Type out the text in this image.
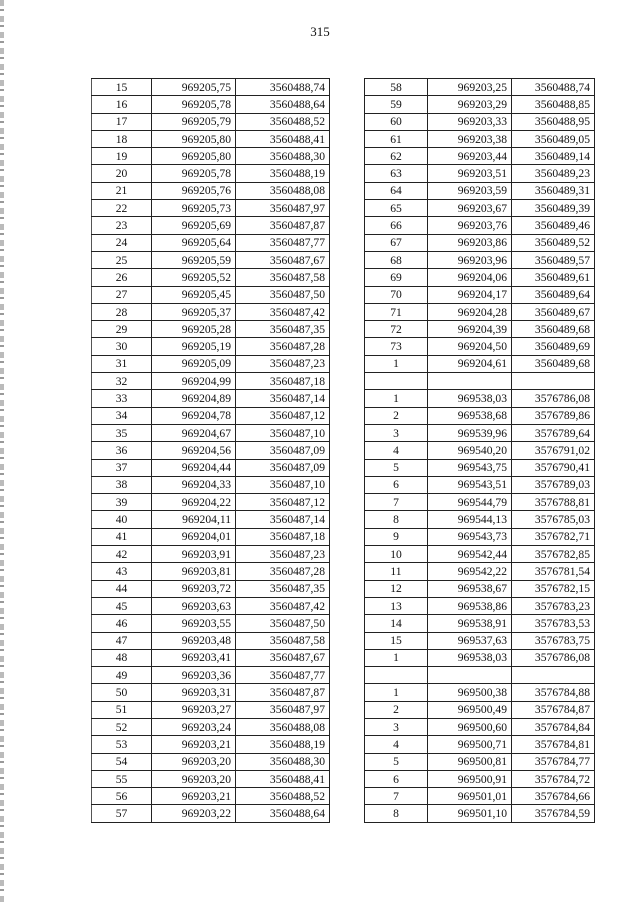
315
15	969205,75	3560488,74
16	969205,78	3560488,64
17	969205,79	3560488,52
18	969205,80	3560488,41
19	969205,80	3560488,30
20	969205,78	3560488,19
21	969205,76	3560488,08
22	969205,73	3560487,97
23	969205,69	3560487,87
24	969205,64	3560487,77
25	969205,59	3560487,67
26	969205,52	3560487,58
27	969205,45	3560487,50
28	969205,37	3560487,42
29	969205,28	3560487,35
30	969205,19	3560487,28
31	969205,09	3560487,23
32	969204,99	3560487,18
33	969204,89	3560487,14
34	969204,78	3560487,12
35	969204,67	3560487,10
36	969204,56	3560487,09
37	969204,44	3560487,09
38	969204,33	3560487,10
39	969204,22	3560487,12
40	969204,11	3560487,14
41	969204,01	3560487,18
42	969203,91	3560487,23
43	969203,81	3560487,28
44	969203,72	3560487,35
45	969203,63	3560487,42
46	969203,55	3560487,50
47	969203,48	3560487,58
48	969203,41	3560487,67
49	969203,36	3560487,77
50	969203,31	3560487,87
51	969203,27	3560487,97
52	969203,24	3560488,08
53	969203,21	3560488,19
54	969203,20	3560488,30
55	969203,20	3560488,41
56	969203,21	3560488,52
57	969203,22	3560488,64
58	969203,25	3560488,74
59	969203,29	3560488,85
60	969203,33	3560488,95
61	969203,38	3560489,05
62	969203,44	3560489,14
63	969203,51	3560489,23
64	969203,59	3560489,31
65	969203,67	3560489,39
66	969203,76	3560489,46
67	969203,86	3560489,52
68	969203,96	3560489,57
69	969204,06	3560489,61
70	969204,17	3560489,64
71	969204,28	3560489,67
72	969204,39	3560489,68
73	969204,50	3560489,69
1	969204,61	3560489,68

1	969538,03	3576786,08
2	969538,68	3576789,86
3	969539,96	3576789,64
4	969540,20	3576791,02
5	969543,75	3576790,41
6	969543,51	3576789,03
7	969544,79	3576788,81
8	969544,13	3576785,03
9	969543,73	3576782,71
10	969542,44	3576782,85
11	969542,22	3576781,54
12	969538,67	3576782,15
13	969538,86	3576783,23
14	969538,91	3576783,53
15	969537,63	3576783,75
1	969538,03	3576786,08

1	969500,38	3576784,88
2	969500,49	3576784,87
3	969500,60	3576784,84
4	969500,71	3576784,81
5	969500,81	3576784,77
6	969500,91	3576784,72
7	969501,01	3576784,66
8	969501,10	3576784,59
